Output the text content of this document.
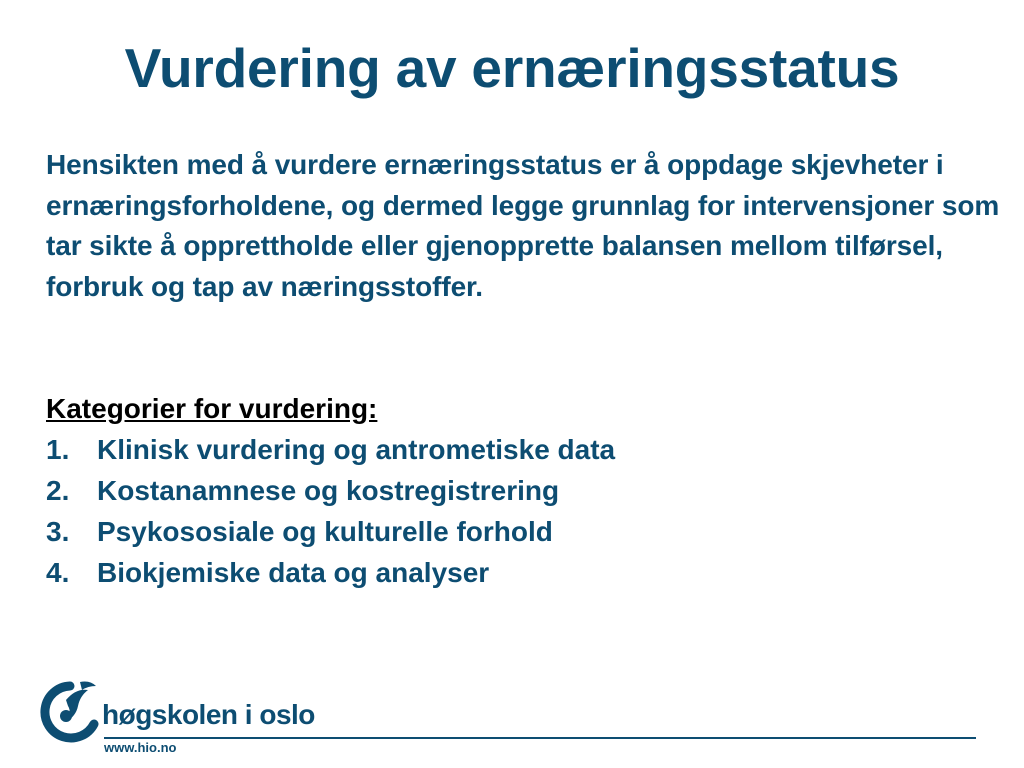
Vurdering av ernæringsstatus

Hensikten med å vurdere ernæringsstatus er å oppdage skjevheter i ernæringsforholdene, og dermed legge grunnlag for intervensjoner som tar sikte å opprettholde eller gjenopprette balansen mellom tilførsel, forbruk og tap av næringsstoffer.

Kategorier for vurdering:

1. Klinisk vurdering og antrometiske data
2. Kostanamnese og kostregistrering
3. Psykososiale og kulturelle forhold
4. Biokjemiske data og analyser
høgskolen i oslo
www.hio.no
